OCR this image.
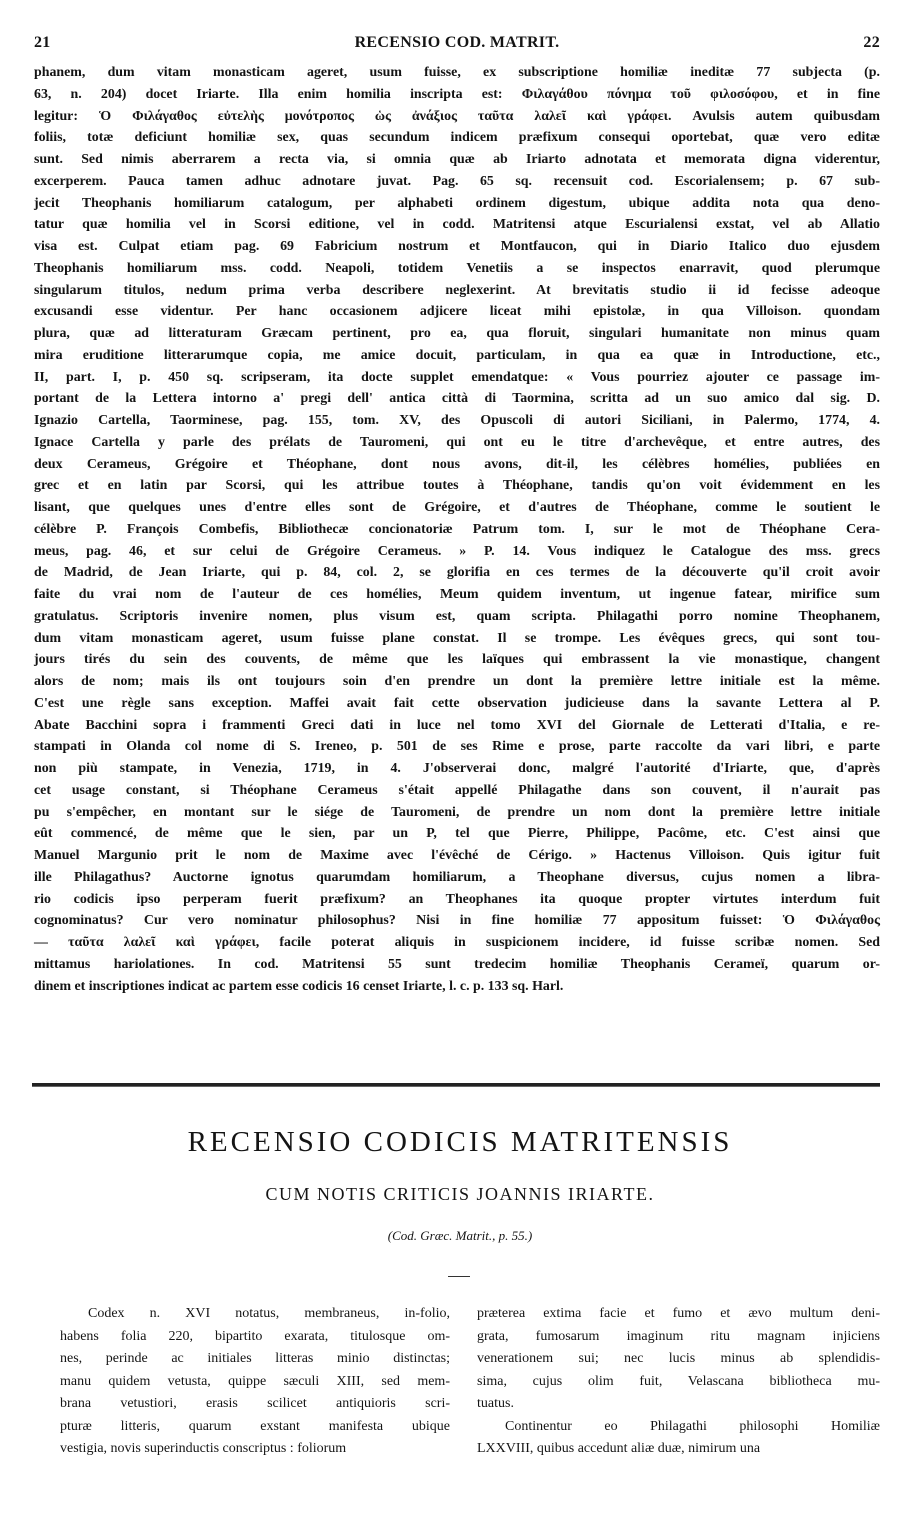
21	RECENSIO COD. MATRIT.	22
phanem, dum vitam monasticam ageret, usum fuisse, ex subscriptione homiliæ ineditæ 77 subjecta (p.
63, n. 204) docet Iriarte. Illa enim homilia inscripta est: Φιλαγάθου πόνημα τοῦ φιλοσόφου, et in fine
legitur: Ὁ Φιλάγαθος εὐτελὴς μονότροπος ὡς ἀνάξιος ταῦτα λαλεῖ καὶ γράφει. Avulsis autem quibusdam
foliis, totæ deficiunt homiliæ sex, quas secundum indicem præfixum consequi oportebat, quæ vero editæ
sunt. Sed nimis aberrarem a recta via, si omnia quæ ab Iriarto adnotata et memorata digna viderentur,
excerperem. Pauca tamen adhuc adnotare juvat. Pag. 65 sq. recensuit cod. Escorialensem; p. 67 sub-
jecit Theophanis homiliarum catalogum, per alphabeti ordinem digestum, ubique addita nota qua deno-
tatur quæ homilia vel in Scorsi editione, vel in codd. Matritensi atque Escurialensi exstat, vel ab Allatio
visa est. Culpat etiam pag. 69 Fabricium nostrum et Montfaucon, qui in Diario Italico duo ejusdem
Theophanis homiliarum mss. codd. Neapoli, totidem Venetiis a se inspectos enarravit, quod plerumque
singularum titulos, nedum prima verba describere neglexerint. At brevitatis studio ii id fecisse adeoque
excusandi esse videntur. Per hanc occasionem adjicere liceat mihi epistolæ, in qua Villoison. quondam
plura, quæ ad litteraturam Græcam pertinent, pro ea, qua floruit, singulari humanitate non minus quam
mira eruditione litterarumque copia, me amice docuit, particulam, in qua ea quæ in Introductione, etc.,
II, part. I, p. 450 sq. scripseram, ita docte supplet emendatque: « Vous pourriez ajouter ce passage im-
portant de la Lettera intorno a' pregi dell' antica città di Taormina, scritta ad un suo amico dal sig. D.
Ignazio Cartella, Taorminese, pag. 155, tom. XV, des Opuscoli di autori Siciliani, in Palermo, 1774, 4.
Ignace Cartella y parle des prélats de Tauromeni, qui ont eu le titre d'archevêque, et entre autres, des
deux Cerameus, Grégoire et Théophane, dont nous avons, dit-il, les célèbres homélies, publiées en
grec et en latin par Scorsi, qui les attribue toutes à Théophane, tandis qu'on voit évidemment en les
lisant, que quelques unes d'entre elles sont de Grégoire, et d'autres de Théophane, comme le soutient le
célèbre P. François Combefis, Bibliothecæ concionatoriæ Patrum tom. I, sur le mot de Théophane Cera-
meus, pag. 46, et sur celui de Grégoire Cerameus. » P. 14. Vous indiquez le Catalogue des mss. grecs
de Madrid, de Jean Iriarte, qui p. 84, col. 2, se glorifia en ces termes de la découverte qu'il croit avoir
faite du vrai nom de l'auteur de ces homélies, Meum quidem inventum, ut ingenue fatear, mirifice sum
gratulatus. Scriptoris invenire nomen, plus visum est, quam scripta. Philagathi porro nomine Theophanem,
dum vitam monasticam ageret, usum fuisse plane constat. Il se trompe. Les évêques grecs, qui sont tou-
jours tirés du sein des couvents, de même que les laïques qui embrassent la vie monastique, changent
alors de nom; mais ils ont toujours soin d'en prendre un dont la première lettre initiale est la même.
C'est une règle sans exception. Maffei avait fait cette observation judicieuse dans la savante Lettera al P.
Abate Bacchini sopra i frammenti Greci dati in luce nel tomo XVI del Giornale de Letterati d'Italia, e re-
stampati in Olanda col nome di S. Ireneo, p. 501 de ses Rime e prose, parte raccolte da vari libri, e parte
non più stampate, in Venezia, 1719, in 4. J'observerai donc, malgré l'autorité d'Iriarte, que, d'après
cet usage constant, si Théophane Cerameus s'était appellé Philagathe dans son couvent, il n'aurait pas
pu s'empêcher, en montant sur le siége de Tauromeni, de prendre un nom dont la première lettre initiale
eût commencé, de même que le sien, par un P, tel que Pierre, Philippe, Pacôme, etc. C'est ainsi que
Manuel Margunio prit le nom de Maxime avec l'évêché de Cérigo. » Hactenus Villoison. Quis igitur fuit
ille Philagathus? Auctorne ignotus quarumdam homiliarum, a Theophane diversus, cujus nomen a libra-
rio codicis ipso perperam fuerit præfixum? an Theophanes ita quoque propter virtutes interdum fuit
cognominatus? Cur vero nominatur philosophus? Nisi in fine homiliæ 77 appositum fuisset: Ὁ Φιλάγαθος
— ταῦτα λαλεῖ καὶ γράφει, facile poterat aliquis in suspicionem incidere, id fuisse scribæ nomen. Sed
mittamus hariolationes. In cod. Matritensi 55 sunt tredecim homiliæ Theophanis Cerameï, quarum or-
dinem et inscriptiones indicat ac partem esse codicis 16 censet Iriarte, l. c. p. 133 sq. Harl.
RECENSIO CODICIS MATRITENSIS
CUM NOTIS CRITICIS JOANNIS IRIARTE.
(Cod. Græc. Matrit., p. 55.)
Codex n. XVI notatus, membraneus, in-folio,
habens folia 220, bipartito exarata, titulosque om-
nes, perinde ac initiales litteras minio distinctas;
manu quidem vetusta, quippe sæculi XIII, sed mem-
brana vetustiori, erasis scilicet antiquioris scri-
pturæ litteris, quarum exstant manifesta ubique
vestigia, novis superinductis conscriptus : foliorum
præterea extima facie et fumo et ævo multum deni-
grata, fumosarum imaginum ritu magnam injiciens
venerationem sui; nec lucis minus ab splendidis-
sima, cujus olim fuit, Velascana bibliotheca mu-
tuatus.
Continentur eo Philagathi philosophi Homiliæ
LXXVIII, quibus accedunt aliæ duæ, nimirum una
